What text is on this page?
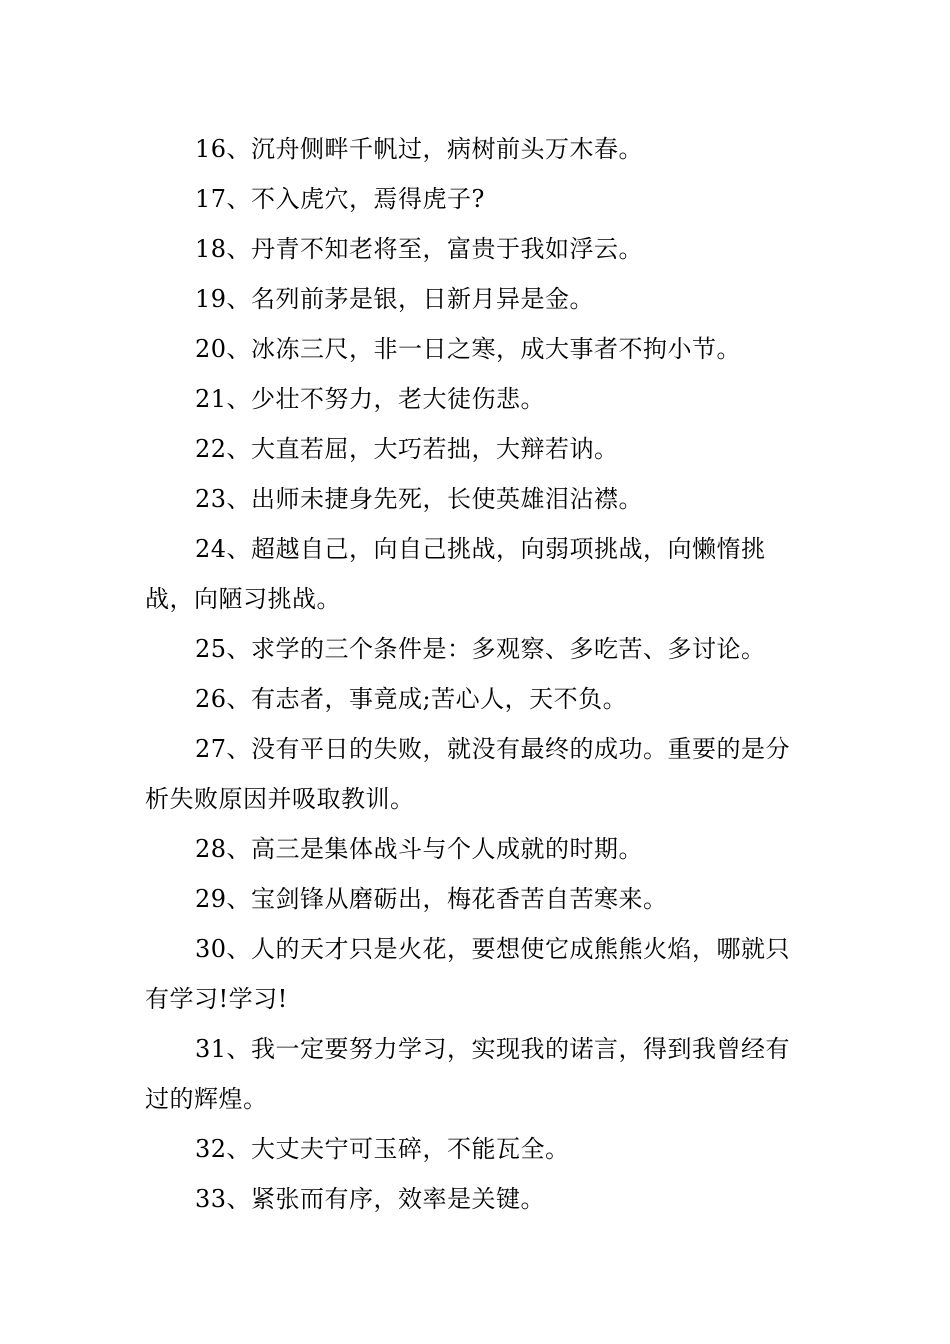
16、沉舟侧畔千帆过，病树前头万木春。

17、不入虎穴，焉得虎子?

18、丹青不知老将至，富贵于我如浮云。

19、名列前茅是银，日新月异是金。

20、冰冻三尺，非一日之寒，成大事者不拘小节。

21、少壮不努力，老大徒伤悲。

22、大直若屈，大巧若拙，大辩若讷。

23、出师未捷身先死，长使英雄泪沾襟。

24、超越自己，向自己挑战，向弱项挑战，向懒惰挑战，向陋习挑战。

25、求学的三个条件是：多观察、多吃苦、多讨论。

26、有志者，事竟成;苦心人，天不负。

27、没有平日的失败，就没有最终的成功。重要的是分析失败原因并吸取教训。

28、高三是集体战斗与个人成就的时期。

29、宝剑锋从磨砺出，梅花香苦自苦寒来。

30、人的天才只是火花，要想使它成熊熊火焰，哪就只有学习!学习!

31、我一定要努力学习，实现我的诺言，得到我曾经有过的辉煌。

32、大丈夫宁可玉碎，不能瓦全。

33、紧张而有序，效率是关键。
